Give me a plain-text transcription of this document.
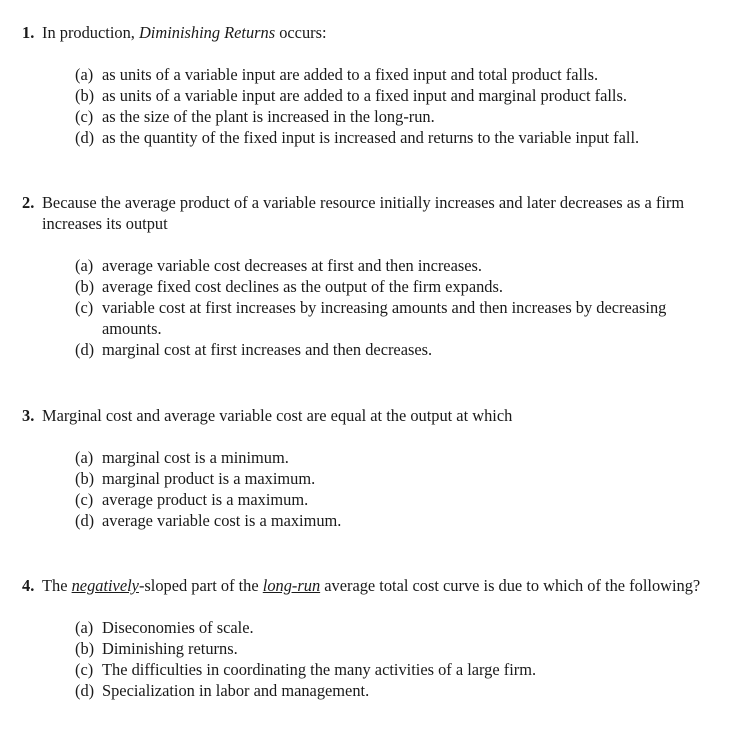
1. In production, Diminishing Returns occurs:
(a) as units of a variable input are added to a fixed input and total product falls.
(b) as units of a variable input are added to a fixed input and marginal product falls.
(c) as the size of the plant is increased in the long-run.
(d) as the quantity of the fixed input is increased and returns to the variable input fall.
2. Because the average product of a variable resource initially increases and later decreases as a firm increases its output
(a) average variable cost decreases at first and then increases.
(b) average fixed cost declines as the output of the firm expands.
(c) variable cost at first increases by increasing amounts and then increases by decreasing amounts.
(d) marginal cost at first increases and then decreases.
3. Marginal cost and average variable cost are equal at the output at which
(a) marginal cost is a minimum.
(b) marginal product is a maximum.
(c) average product is a maximum.
(d) average variable cost is a maximum.
4. The negatively-sloped part of the long-run average total cost curve is due to which of the following?
(a) Diseconomies of scale.
(b) Diminishing returns.
(c) The difficulties in coordinating the many activities of a large firm.
(d) Specialization in labor and management.
